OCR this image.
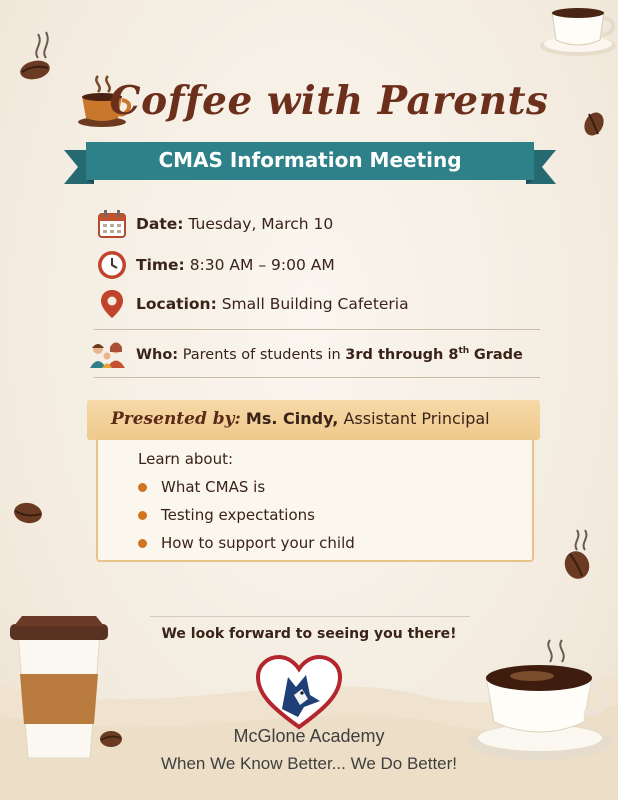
Coffee with Parents
CMAS Information Meeting
Date: Tuesday, March 10
Time: 8:30 AM – 9:00 AM
Location: Small Building Cafeteria
Who: Parents of students in 3rd through 8th Grade
Presented by: Ms. Cindy, Assistant Principal
Learn about:
What CMAS is
Testing expectations
How to support your child
We look forward to seeing you there!
McGlone Academy
When We Know Better... We Do Better!
